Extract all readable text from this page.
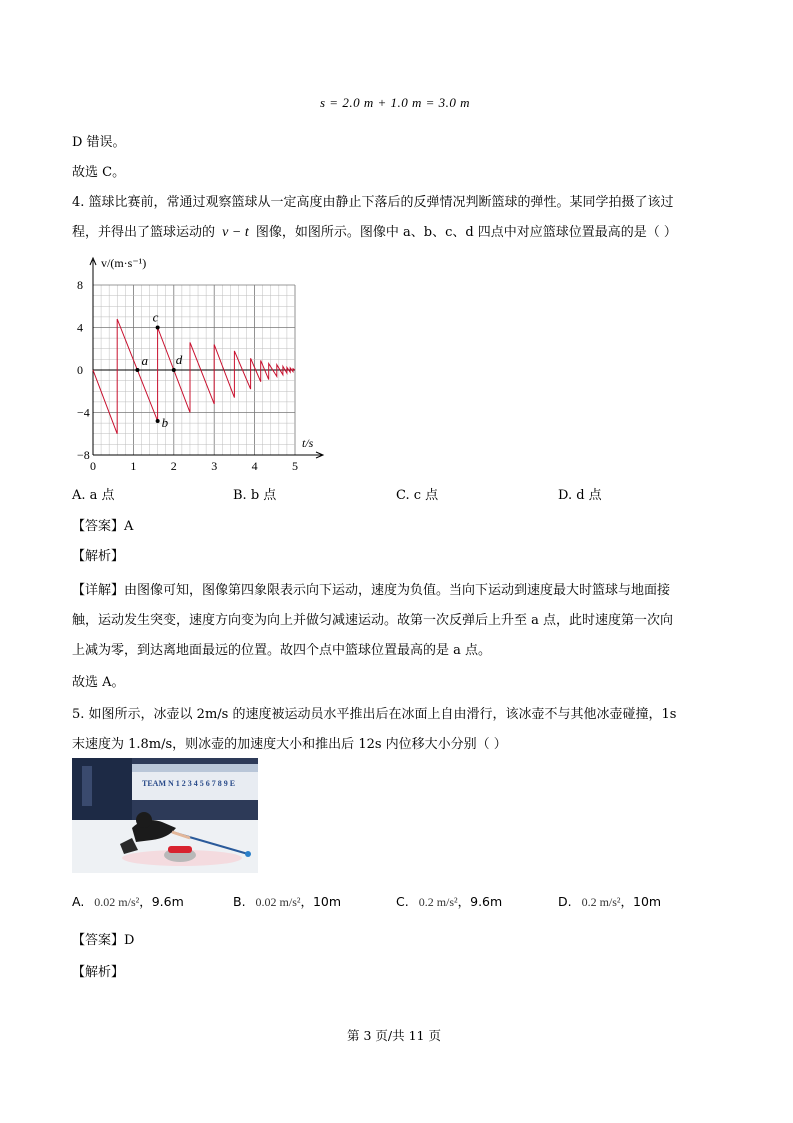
s = 2.0 m + 1.0 m = 3.0 m
D 错误。
故选 C。
4. 篮球比赛前，常通过观察篮球从一定高度由静止下落后的反弹情况判断篮球的弹性。某同学拍摄了该过
程，并得出了篮球运动的 v − t 图像，如图所示。图像中 a、b、c、d 四点中对应篮球位置最高的是（ ）
0	1	2	3	4	5
8
4
0
−4
−8
a
b
c
d
v/(m·s⁻¹)
t/s
A. a 点	B. b 点	C. c 点	D. d 点
【答案】A
【解析】
【详解】由图像可知，图像第四象限表示向下运动，速度为负值。当向下运动到速度最大时篮球与地面接
触，运动发生突变，速度方向变为向上并做匀减速运动。故第一次反弹后上升至 a 点，此时速度第一次向
上减为零，到达离地面最远的位置。故四个点中篮球位置最高的是 a 点。
故选 A。
5. 如图所示，冰壶以 2m/s 的速度被运动员水平推出后在冰面上自由滑行，该冰壶不与其他冰壶碰撞，1s
末速度为 1.8m/s，则冰壶的加速度大小和推出后 12s 内位移大小分别（ ）
TEAM N 1 2 3 4 5 6 7 8 9 E
A. 0.02 m/s²，9.6m	B. 0.02 m/s²，10m	C. 0.2 m/s²，9.6m	D. 0.2 m/s²，10m
【答案】D
【解析】
第 3 页/共 11 页
